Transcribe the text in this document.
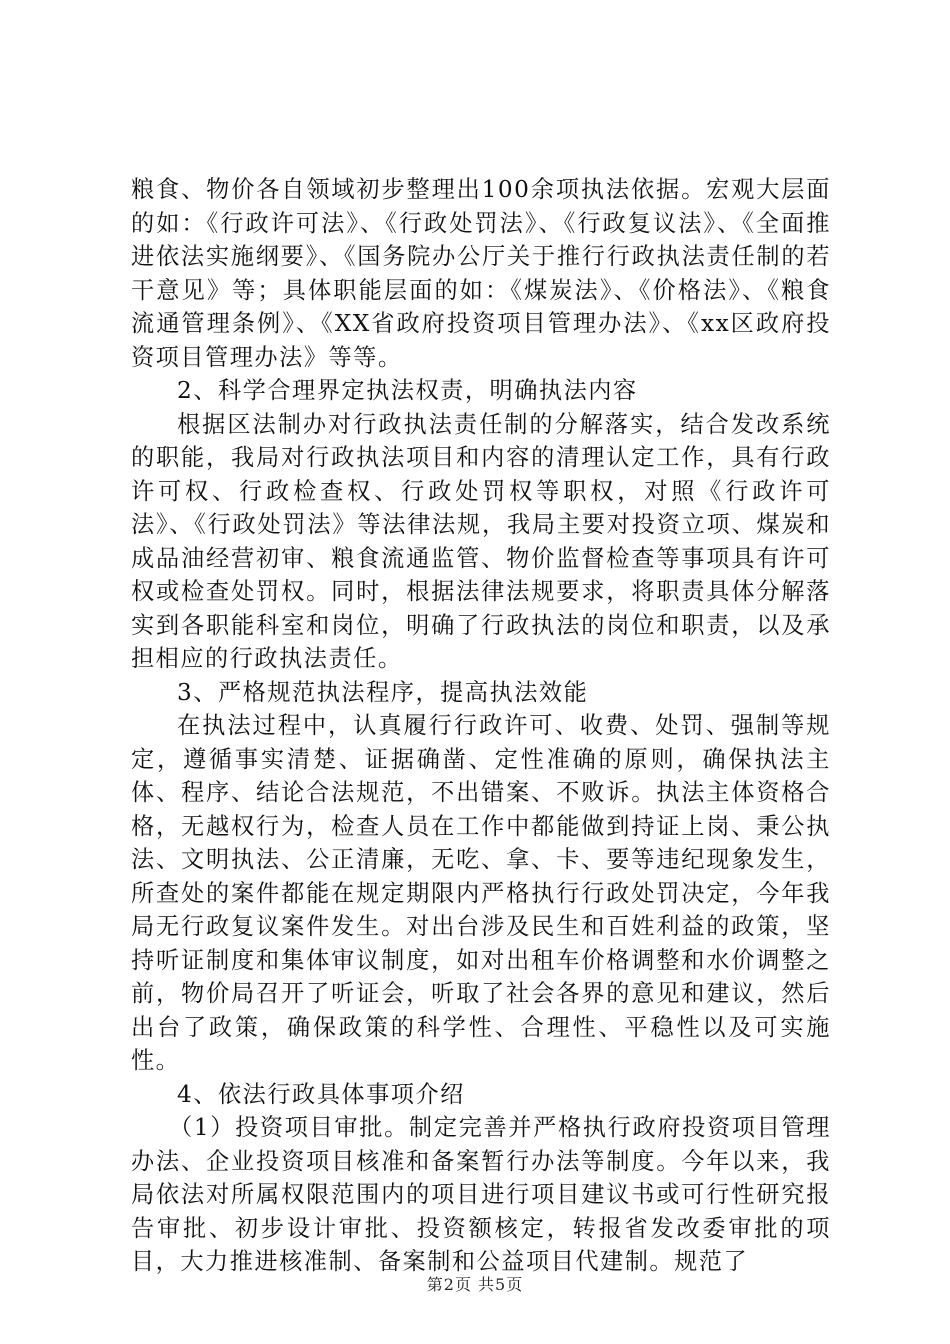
粮食、物价各自领域初步整理出100余项执法依据。宏观大层面的如：《行政许可法》、《行政处罚法》、《行政复议法》、《全面推进依法实施纲要》、《国务院办公厅关于推行行政执法责任制的若干意见》等；具体职能层面的如：《煤炭法》、《价格法》、《粮食流通管理条例》、《XX省政府投资项目管理办法》、《xx区政府投资项目管理办法》等等。

2、科学合理界定执法权责，明确执法内容

根据区法制办对行政执法责任制的分解落实，结合发改系统的职能，我局对行政执法项目和内容的清理认定工作，具有行政许可权、行政检查权、行政处罚权等职权，对照《行政许可法》、《行政处罚法》等法律法规，我局主要对投资立项、煤炭和成品油经营初审、粮食流通监管、物价监督检查等事项具有许可权或检查处罚权。同时，根据法律法规要求，将职责具体分解落实到各职能科室和岗位，明确了行政执法的岗位和职责，以及承担相应的行政执法责任。

3、严格规范执法程序，提高执法效能

在执法过程中，认真履行行政许可、收费、处罚、强制等规定，遵循事实清楚、证据确凿、定性准确的原则，确保执法主体、程序、结论合法规范，不出错案、不败诉。执法主体资格合格，无越权行为，检查人员在工作中都能做到持证上岗、秉公执法、文明执法、公正清廉，无吃、拿、卡、要等违纪现象发生，所查处的案件都能在规定期限内严格执行行政处罚决定，今年我局无行政复议案件发生。对出台涉及民生和百姓利益的政策，坚持听证制度和集体审议制度，如对出租车价格调整和水价调整之前，物价局召开了听证会，听取了社会各界的意见和建议，然后出台了政策，确保政策的科学性、合理性、平稳性以及可实施性。

4、依法行政具体事项介绍

（1）投资项目审批。制定完善并严格执行政府投资项目管理办法、企业投资项目核准和备案暂行办法等制度。今年以来，我局依法对所属权限范围内的项目进行项目建议书或可行性研究报告审批、初步设计审批、投资额核定，转报省发改委审批的项目，大力推进核准制、备案制和公益项目代建制。规范了

第2页 共5页
